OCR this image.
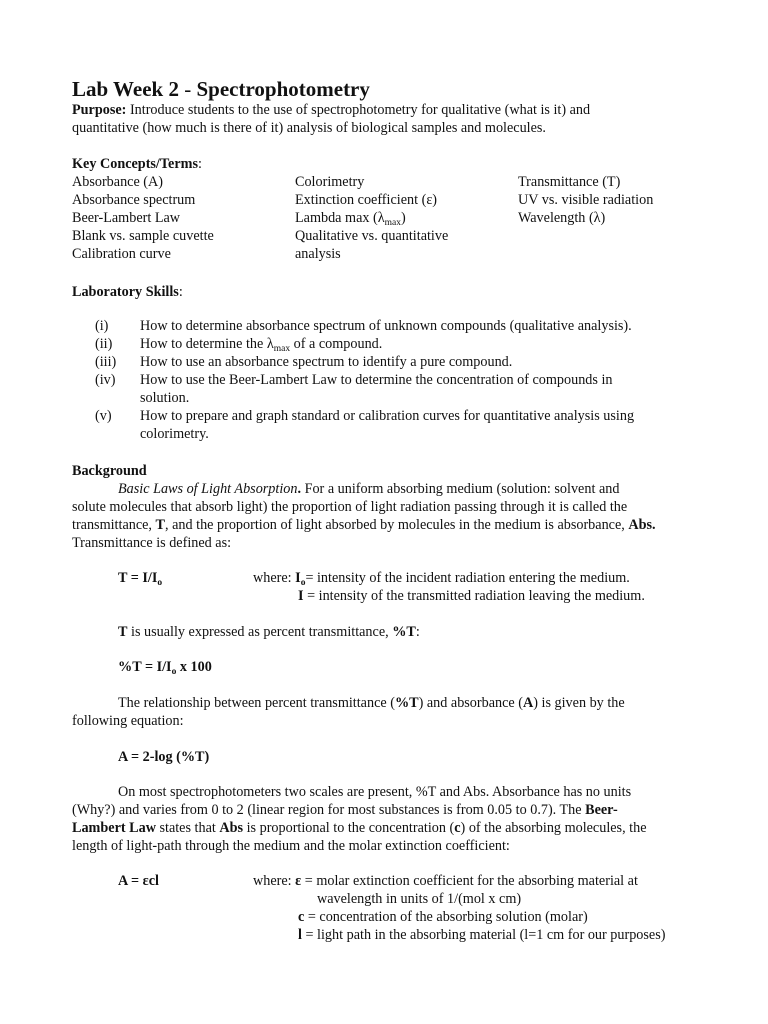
Lab Week 2 - Spectrophotometry
Purpose: Introduce students to the use of spectrophotometry for qualitative (what is it) and
quantitative (how much is there of it) analysis of biological samples and molecules.
Key Concepts/Terms:
Absorbance (A)
Absorbance spectrum
Beer-Lambert Law
Blank vs. sample cuvette
Calibration curve
Colorimetry
Extinction coefficient (ε)
Lambda $\max (\lambda_{max})$
Qualitative vs. quantitative
analysis
Transmittance (T)
UV vs. visible radiation
Wavelength (λ)
Laboratory Skills:
(i) How to determine absorbance spectrum of unknown compounds (qualitative analysis).
(ii) How to determine the $\lambda_{max}$ of a compound.
(iii) How to use an absorbance spectrum to identify a pure compound.
(iv) How to use the Beer-Lambert Law to determine the concentration of compounds in
solution.
(v) How to prepare and graph standard or calibration curves for quantitative analysis using
colorimetry.
Background
Basic Laws of Light Absorption. For a uniform absorbing medium (solution: solvent and
solute molecules that absorb light) the proportion of light radiation passing through it is called the
transmittance, T, and the proportion of light absorbed by molecules in the medium is absorbance, Abs.
Transmittance is defined as:
$T = I/I_o$	where: $I_o=$ intensity of the incident radiation entering the medium.
I = intensity of the transmitted radiation leaving the medium.
T is usually expressed as percent transmittance, %T:
$\%T = I/I_o$ x 100
The relationship between percent transmittance (%T) and absorbance (A) is given by the
following equation:
A = 2-log (%T)
On most spectrophotometers two scales are present, %T and Abs. Absorbance has no units
(Why?) and varies from 0 to 2 (linear region for most substances is from 0.05 to 0.7). The Beer-
Lambert Law states that Abs is proportional to the concentration (c) of the absorbing molecules, the
length of light-path through the medium and the molar extinction coefficient:
A = εcl	where: ε = molar extinction coefficient for the absorbing material at
wavelength in units of 1/(mol x cm)
c = concentration of the absorbing solution (molar)
l = light path in the absorbing material (l=1 cm for our purposes)
